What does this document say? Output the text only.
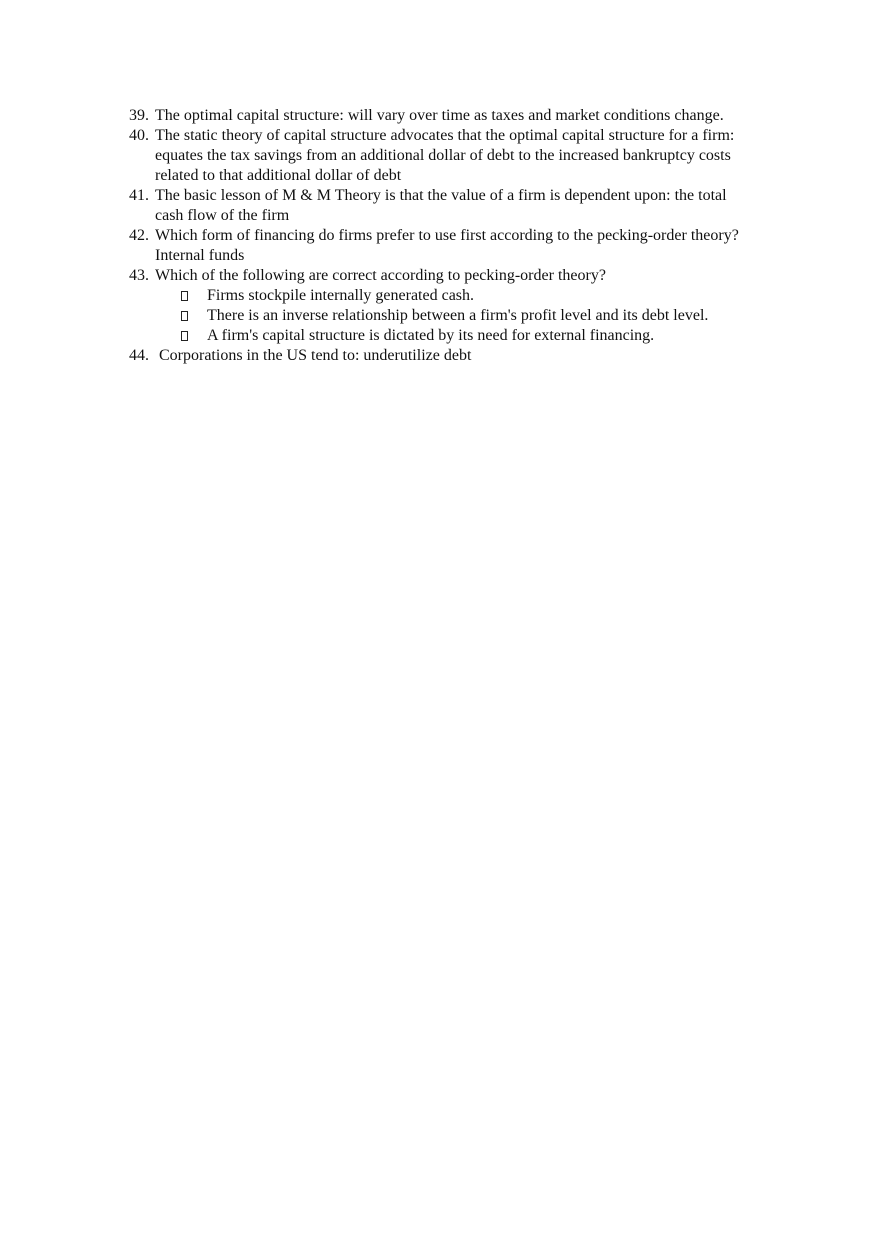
39. The optimal capital structure: will vary over time as taxes and market conditions change.
40. The static theory of capital structure advocates that the optimal capital structure for a firm: equates the tax savings from an additional dollar of debt to the increased bankruptcy costs related to that additional dollar of debt
41. The basic lesson of M & M Theory is that the value of a firm is dependent upon: the total cash flow of the firm
42. Which form of financing do firms prefer to use first according to the pecking-order theory? Internal funds
43. Which of the following are correct according to pecking-order theory?
Firms stockpile internally generated cash.
There is an inverse relationship between a firm's profit level and its debt level.
A firm's capital structure is dictated by its need for external financing.
44. Corporations in the US tend to: underutilize debt
